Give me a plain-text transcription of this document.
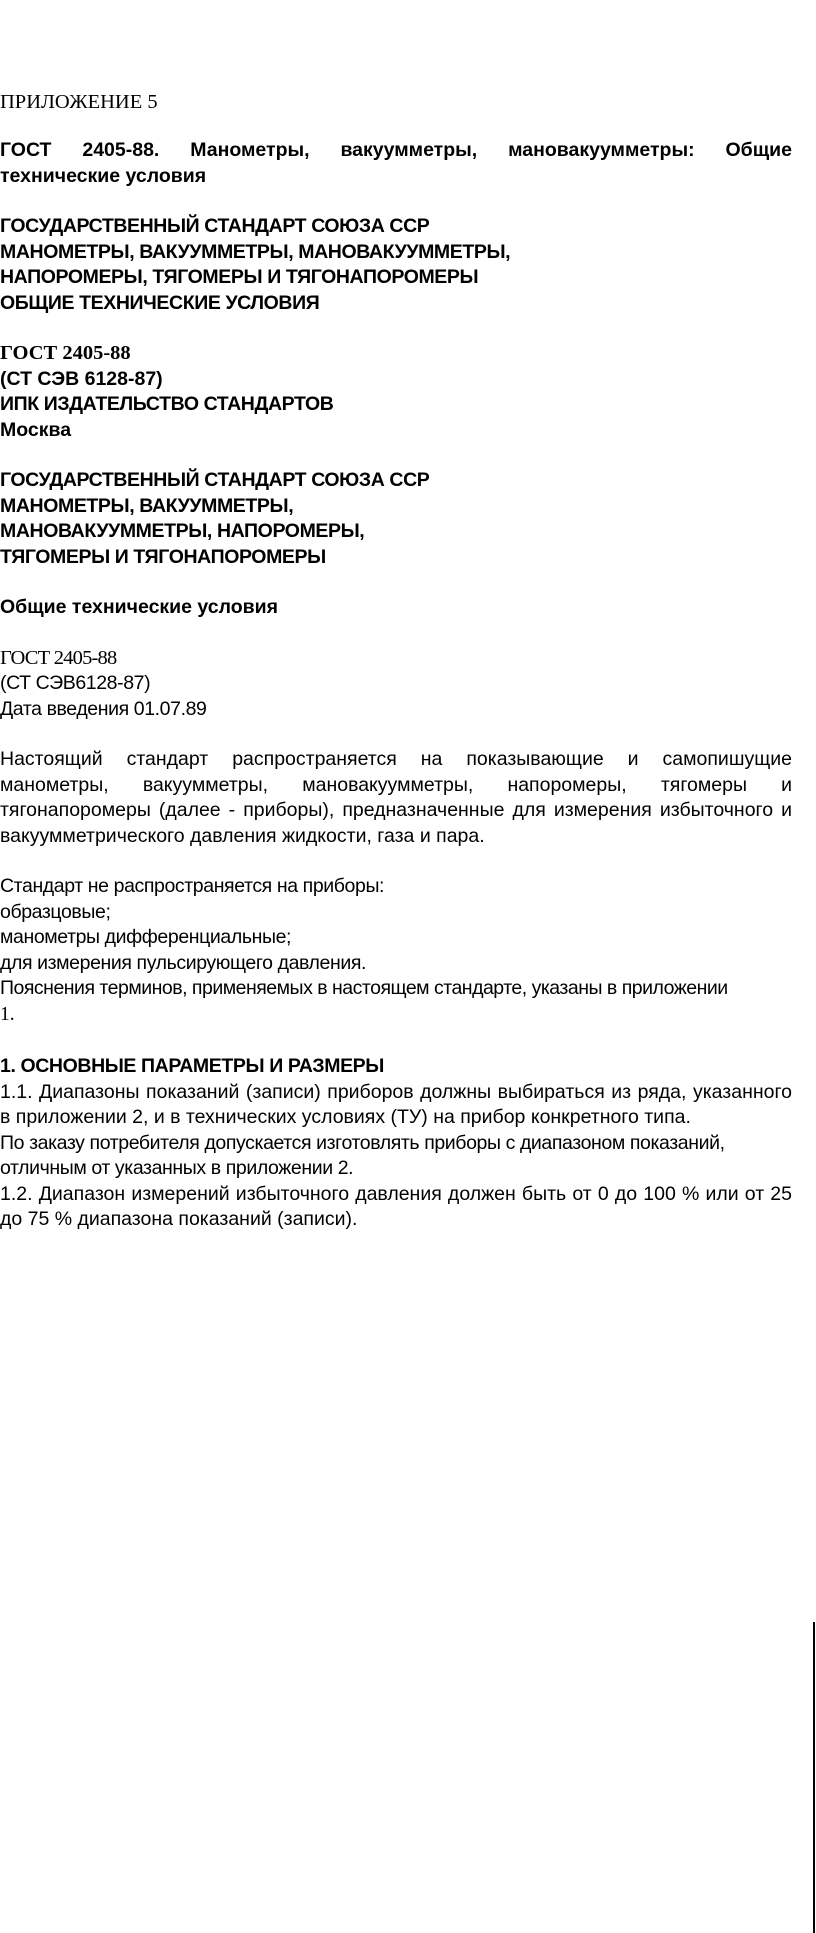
ПРИЛОЖЕНИЕ 5

ГОСТ 2405-88. Манометры, вакуумметры, мановакуумметры: Общие

технические условия

ГОСУДАРСТВЕННЫЙ СТАНДАРТ СОЮЗА ССР

МАНОМЕТРЫ, ВАКУУММЕТРЫ, МАНОВАКУУММЕТРЫ,

НАПОРОМЕРЫ, ТЯГОМЕРЫ И ТЯГОНАПОРОМЕРЫ

ОБЩИЕ ТЕХНИЧЕСКИЕ УСЛОВИЯ

ГОСТ 2405-88

(СТ СЭВ 6128-87)

ИПК ИЗДАТЕЛЬСТВО СТАНДАРТОВ

Москва

ГОСУДАРСТВЕННЫЙ СТАНДАРТ СОЮЗА ССР

МАНОМЕТРЫ, ВАКУУММЕТРЫ,

МАНОВАКУУММЕТРЫ, НАПОРОМЕРЫ,

ТЯГОМЕРЫ И ТЯГОНАПОРОМЕРЫ

Общие технические условия

ГОСТ 2405-88

(СТ СЭВ6128-87)

Дата введения 01.07.89

Настоящий стандарт распространяется на показывающие и самопишущие манометры, вакуумметры, мановакуумметры, напоромеры, тягомеры и тягонапоромеры (далее - приборы), предназначенные для измерения избыточного и вакуумметрического давления жидкости, газа и пара.

Стандарт не распространяется на приборы:

образцовые;

манометры дифференциальные;

для измерения пульсирующего давления.

Пояснения терминов, применяемых в настоящем стандарте, указаны в приложении

1.

1. ОСНОВНЫЕ ПАРАМЕТРЫ И РАЗМЕРЫ

1.1. Диапазоны показаний (записи) приборов должны выбираться из ряда, указанного в приложении 2, и в технических условиях (ТУ) на прибор конкретного типа.

По заказу потребителя допускается изготовлять приборы с диапазоном показаний, отличным от указанных в приложении 2.

1.2. Диапазон измерений избыточного давления должен быть от 0 до 100 % или от 25 до 75 % диапазона показаний (записи).
